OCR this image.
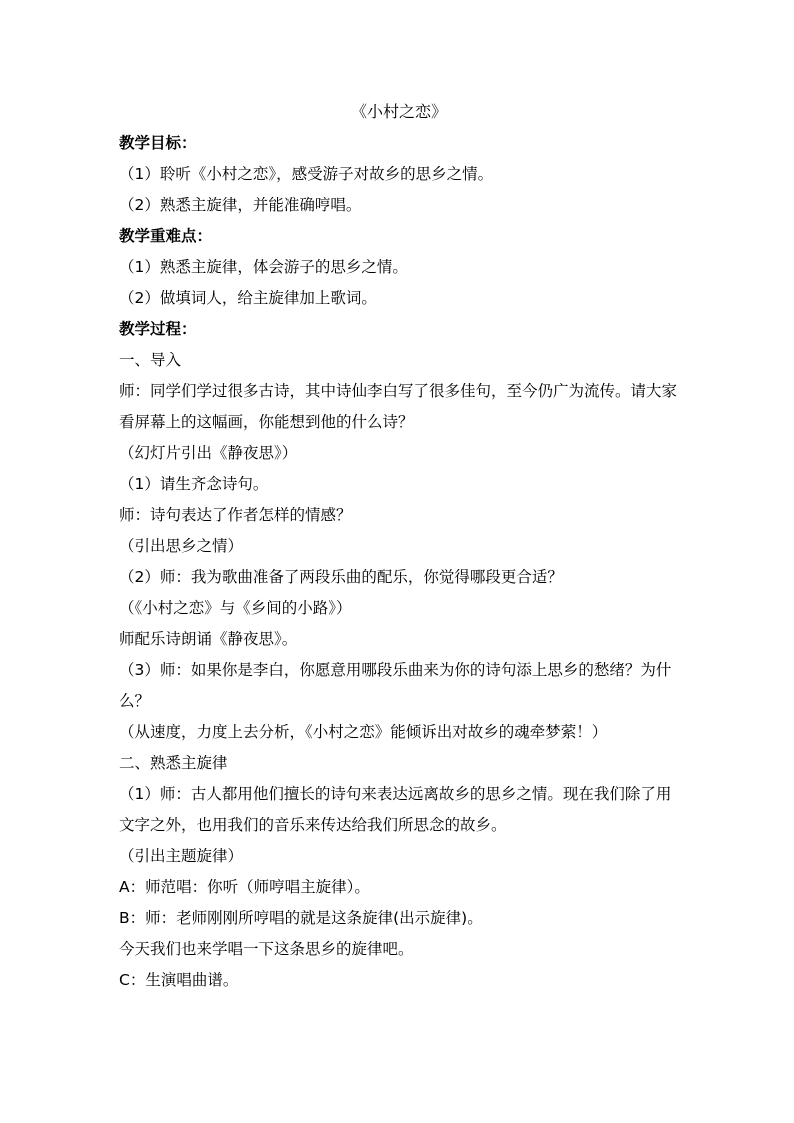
《小村之恋》

教学目标：

（1）聆听《小村之恋》，感受游子对故乡的思乡之情。

（2）熟悉主旋律，并能准确哼唱。

教学重难点：

（1）熟悉主旋律，体会游子的思乡之情。

（2）做填词人，给主旋律加上歌词。

教学过程：

一、导入

师：同学们学过很多古诗，其中诗仙李白写了很多佳句，至今仍广为流传。请大家看屏幕上的这幅画，你能想到他的什么诗？

（幻灯片引出《静夜思》）

（1）请生齐念诗句。

师：诗句表达了作者怎样的情感？

（引出思乡之情）

（2）师：我为歌曲准备了两段乐曲的配乐，你觉得哪段更合适？

（《小村之恋》与《乡间的小路》）

师配乐诗朗诵《静夜思》。

（3）师：如果你是李白，你愿意用哪段乐曲来为你的诗句添上思乡的愁绪？为什么？

（从速度，力度上去分析，《小村之恋》能倾诉出对故乡的魂牵梦萦！）

二、熟悉主旋律

（1）师：古人都用他们擅长的诗句来表达远离故乡的思乡之情。现在我们除了用文字之外，也用我们的音乐来传达给我们所思念的故乡。

（引出主题旋律）

A：师范唱：你听（师哼唱主旋律）。

B：师：老师刚刚所哼唱的就是这条旋律(出示旋律)。

今天我们也来学唱一下这条思乡的旋律吧。

C：生演唱曲谱。
